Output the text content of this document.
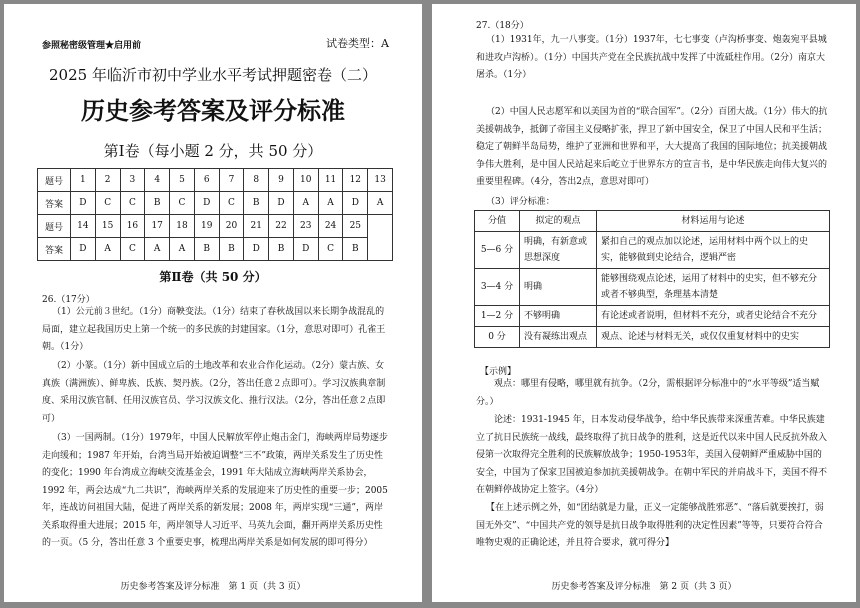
参照秘密级管理★启用前	试卷类型：A
2025 年临沂市初中学业水平考试押题密卷（二）
历史参考答案及评分标准
第Ⅰ卷（每小题 2 分，共 50 分）
题号	1	2	3	4	5	6	7	8	9	10	11	12	13
答案	D	C	C	B	C	D	C	B	D	A	A	D	A
题号	14	15	16	17	18	19	20	21	22	23	24	25	
答案	D	A	C	A	A	B	B	D	B	D	C	B	
第Ⅱ卷（共 50 分）
26.（17分）
（1）公元前３世纪。（1分）商鞅变法。（1分）结束了春秋战国以来长期争战混乱的局面，建立起我国历史上第一个统一的多民族的封建国家。（1分，意思对即可）孔雀王朝。（1分）
（2）小篆。（1分）新中国成立后的土地改革和农业合作化运动。（2分）蒙古族、女真族（满洲族）、鲜卑族、氐族、契丹族。（2分，答出任意２点即可）。学习汉族典章制度、采用汉族官制、任用汉族官员、学习汉族文化、推行汉法。（2分，答出任意２点即可）
（3）一国两制。（1分）1979年，中国人民解放军停止炮击金门，海峡两岸局势逐步走向缓和；1987 年开始，台湾当局开始被迫调整“三不”政策，两岸关系发生了历史性的变化；1990 年台湾成立海峡交流基金会，1991 年大陆成立海峡两岸关系协会，1992 年，两会达成“九二共识”，海峡两岸关系的发展迎来了历史性的重要一步；2005 年，连战访问祖国大陆，促进了两岸关系的新发展；2008 年，两岸实现“三通”，两岸关系取得重大进展；2015 年，两岸领导人习近平、马英九会面，翻开两岸关系历史性的一页。（5 分，答出任意 3 个重要史事，梳理出两岸关系是如何发展的即可得分）
历史参考答案及评分标准　第 1 页（共 3 页）
27.（18分）
（1）1931年，九一八事变。（1分）1937年，七七事变（卢沟桥事变、炮轰宛平县城和进攻卢沟桥）。（1分）中国共产党在全民族抗战中发挥了中流砥柱作用。（2分）南京大屠杀。（1分）
（2）中国人民志愿军和以美国为首的“联合国军”。（2分）百团大战。（1分）伟大的抗美援朝战争，抵御了帝国主义侵略扩张，捍卫了新中国安全，保卫了中国人民和平生活；稳定了朝鲜半岛局势，维护了亚洲和世界和平，大大提高了我国的国际地位；抗美援朝战争伟大胜利，是中国人民站起来后屹立于世界东方的宣言书，是中华民族走向伟大复兴的重要里程碑。（4分，答出2点，意思对即可）
（3）评分标准：
分值	拟定的观点	材料运用与论述
5—6 分	明确，有新意或思想深度	紧扣自己的观点加以论述，运用材料中两个以上的史实，能够做到史论结合，逻辑严密
3—4 分	明确	能够围绕观点论述，运用了材料中的史实，但不够充分或者不够典型，条理基本清楚
1—2 分	不够明确	有论述或者说明，但材料不充分，或者史论结合不充分
0 分	没有凝练出观点	观点、论述与材料无关，或仅仅重复材料中的史实
【示例】
观点：哪里有侵略，哪里就有抗争。（2分，需根据评分标准中的“水平等级”适当赋分。）
论述：1931-1945 年，日本发动侵华战争，给中华民族带来深重苦难。中华民族建立了抗日民族统一战线，最终取得了抗日战争的胜利，这是近代以来中国人民反抗外敌入侵第一次取得完全胜利的民族解放战争；1950-1953年，美国入侵朝鲜严重威胁中国的安全，中国为了保家卫国被迫参加抗美援朝战争。在朝中军民的并肩战斗下，美国不得不在朝鲜停战协定上签字。（4分）
【在上述示例之外，如“团结就是力量，正义一定能够战胜邪恶”、“落后就要挨打，弱国无外交”、“中国共产党的领导是抗日战争取得胜利的决定性因素”等等，只要符合符合唯物史观的正确论述，并且符合要求，就可得分】
历史参考答案及评分标准　第 2 页（共 3 页）
